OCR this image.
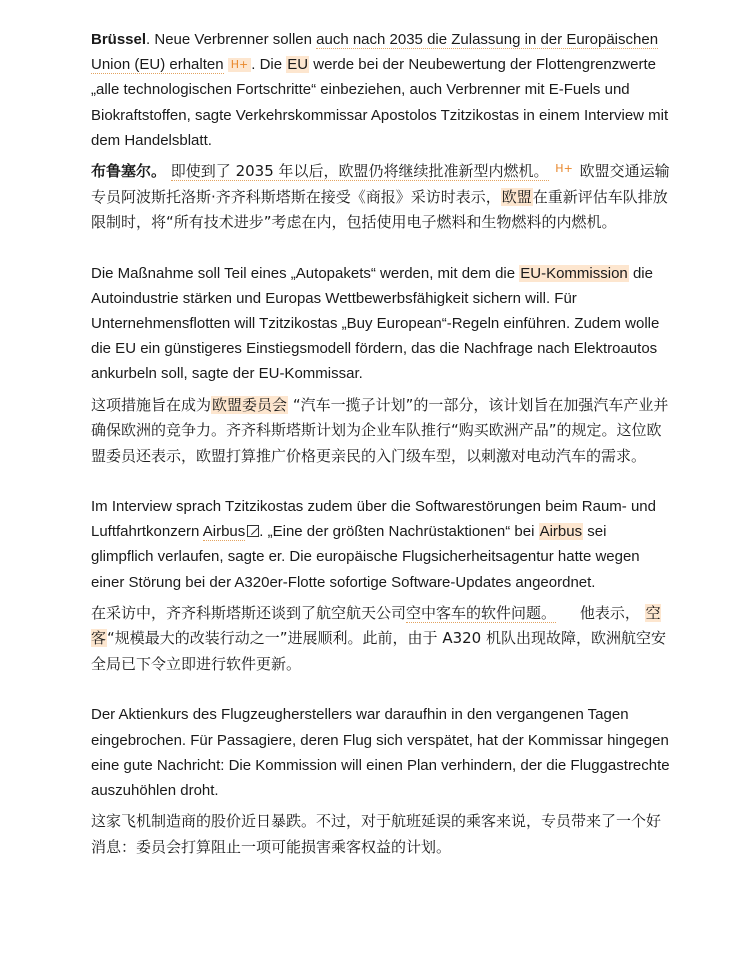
Brüssel. Neue Verbrenner sollen auch nach 2035 die Zulassung in der Europäischen Union (EU) erhalten H+ . Die EU werde bei der Neubewertung der Flottengrenzwerte „alle technologischen Fortschritte“ einbeziehen, auch Verbrenner mit E-Fuels und Biokraftstoffen, sagte Verkehrskommissar Apostolos Tzitzikostas in einem Interview mit dem Handelsblatt.

布鲁塞尔。 即使到了 2035 年以后，欧盟仍将继续批准新型内燃机。 H+ 欧盟交通运输专员阿波斯托洛斯·齐齐科斯塔斯在接受《商报》采访时表示，欧盟在重新评估车队排放限制时，将“所有技术进步”考虑在内，包括使用电子燃料和生物燃料的内燃机。

Die Maßnahme soll Teil eines „Autopakets“ werden, mit dem die EU-Kommission die Autoindustrie stärken und Europas Wettbewerbsfähigkeit sichern will. Für Unternehmensflotten will Tzitzikostas „Buy European“-Regeln einführen. Zudem wolle die EU ein günstigeres Einstiegsmodell fördern, das die Nachfrage nach Elektroautos ankurbeln soll, sagte der EU-Kommissar.

这项措施旨在成为欧盟委员会 “汽车一揽子计划”的一部分，该计划旨在加强汽车产业并确保欧洲的竞争力。齐齐科斯塔斯计划为企业车队推行“购买欧洲产品”的规定。这位欧盟委员还表示，欧盟打算推广价格更亲民的入门级车型，以刺激对电动汽车的需求。

Im Interview sprach Tzitzikostas zudem über die Softwarestörungen beim Raum- und Luftfahrtkonzern Airbus . „Eine der größten Nachrüstaktionen“ bei Airbus sei glimpflich verlaufen, sagte er. Die europäische Flugsicherheitsagentur hatte wegen einer Störung bei der A320er-Flotte sofortige Software-Updates angeordnet.

在采访中，齐齐科斯塔斯还谈到了航空航天公司空中客车的软件问题。 他表示， 空客“规模最大的改装行动之一”进展顺利。此前，由于 A320 机队出现故障，欧洲航空安全局已下令立即进行软件更新。

Der Aktienkurs des Flugzeugherstellers war daraufhin in den vergangenen Tagen eingebrochen. Für Passagiere, deren Flug sich verspätet, hat der Kommissar hingegen eine gute Nachricht: Die Kommission will einen Plan verhindern, der die Fluggastrechte auszuhöhlen droht.

这家飞机制造商的股价近日暴跌。不过，对于航班延误的乘客来说，专员带来了一个好消息：委员会打算阻止一项可能损害乘客权益的计划。
